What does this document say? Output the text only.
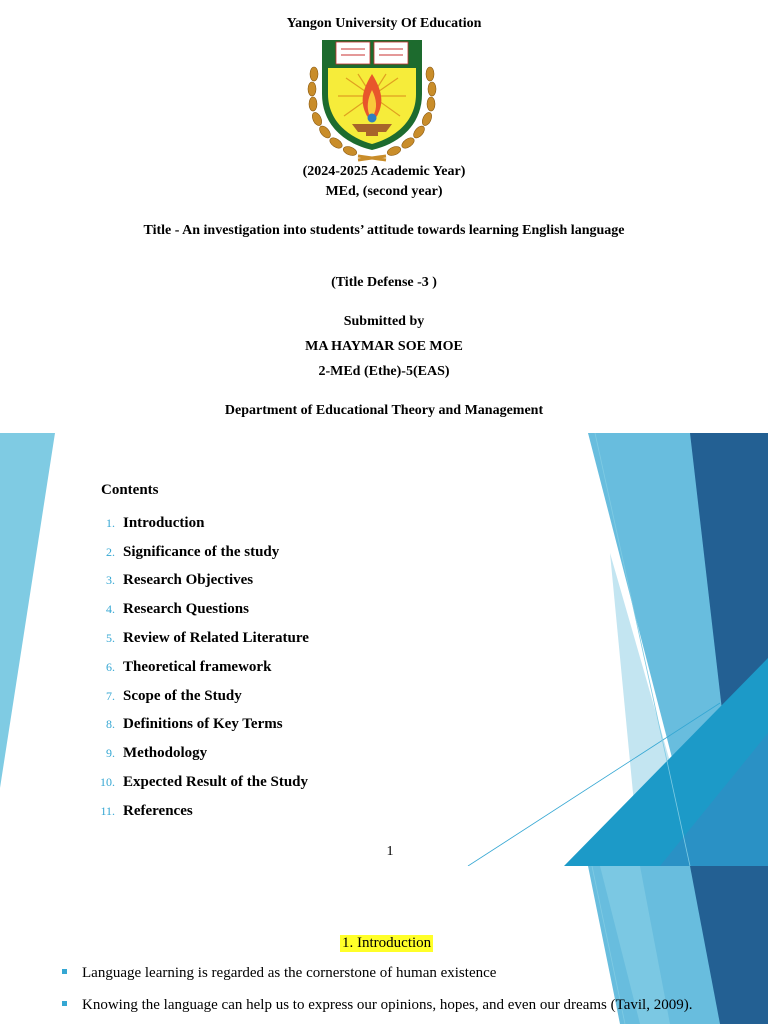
Yangon University Of Education
(2024-2025 Academic Year)
MEd, (second year)
Title - An investigation into students’ attitude towards learning English language
(Title Defense -3 )
Submitted by
MA HAYMAR SOE MOE
2-MEd (Ethe)-5(EAS)
Department of Educational Theory and Management
Contents
1. Introduction
2. Significance of the study
3. Research Objectives
4. Research Questions
5. Review of Related Literature
6. Theoretical framework
7. Scope of the Study
8. Definitions of Key Terms
9. Methodology
10. Expected Result of the Study
11. References
1
1. Introduction
Language learning is regarded as the cornerstone of human existence
Knowing the language can help us to express our opinions, hopes, and even our dreams (Tavil, 2009).
